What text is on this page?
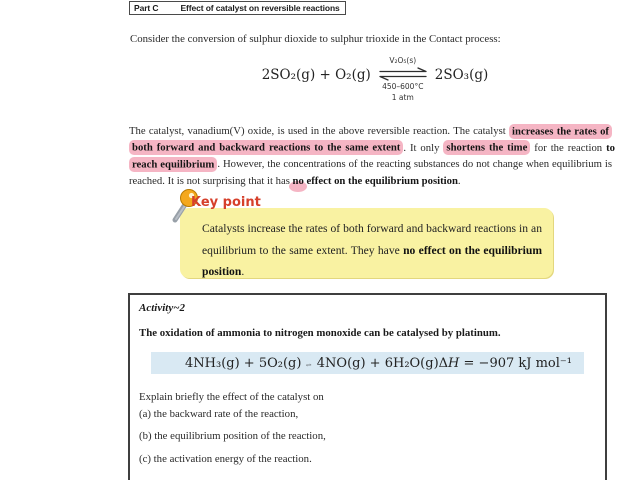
Part C	Effect of catalyst on reversible reactions
Consider the conversion of sulphur dioxide to sulphur trioxide in the Contact process:
2SO₂(g) + O₂(g)
V₂O₅(s)
450–600°C
1 atm
2SO₃(g)
The catalyst, vanadium(V) oxide, is used in the above reversible reaction. The catalyst increases the rates of both forward and backward reactions to the same extent . It only shortens the time for the reaction to reach equilibrium . However, the concentrations of the reacting substances do not change when equilibrium is reached. It is not surprising that it has no effect on the equilibrium position.
Key point
Catalysts increase the rates of both forward and backward reactions in an equilibrium to the same extent. They have no effect on the equilibrium position.
Activity~2
The oxidation of ammonia to nitrogen monoxide can be catalysed by platinum.
4NH₃(g) + 5O₂(g) 4NO(g) + 6H₂O(g) ΔH = −907 kJ mol⁻¹
Explain briefly the effect of the catalyst on
(a) the backward rate of the reaction,
(b) the equilibrium position of the reaction,
(c) the activation energy of the reaction.
